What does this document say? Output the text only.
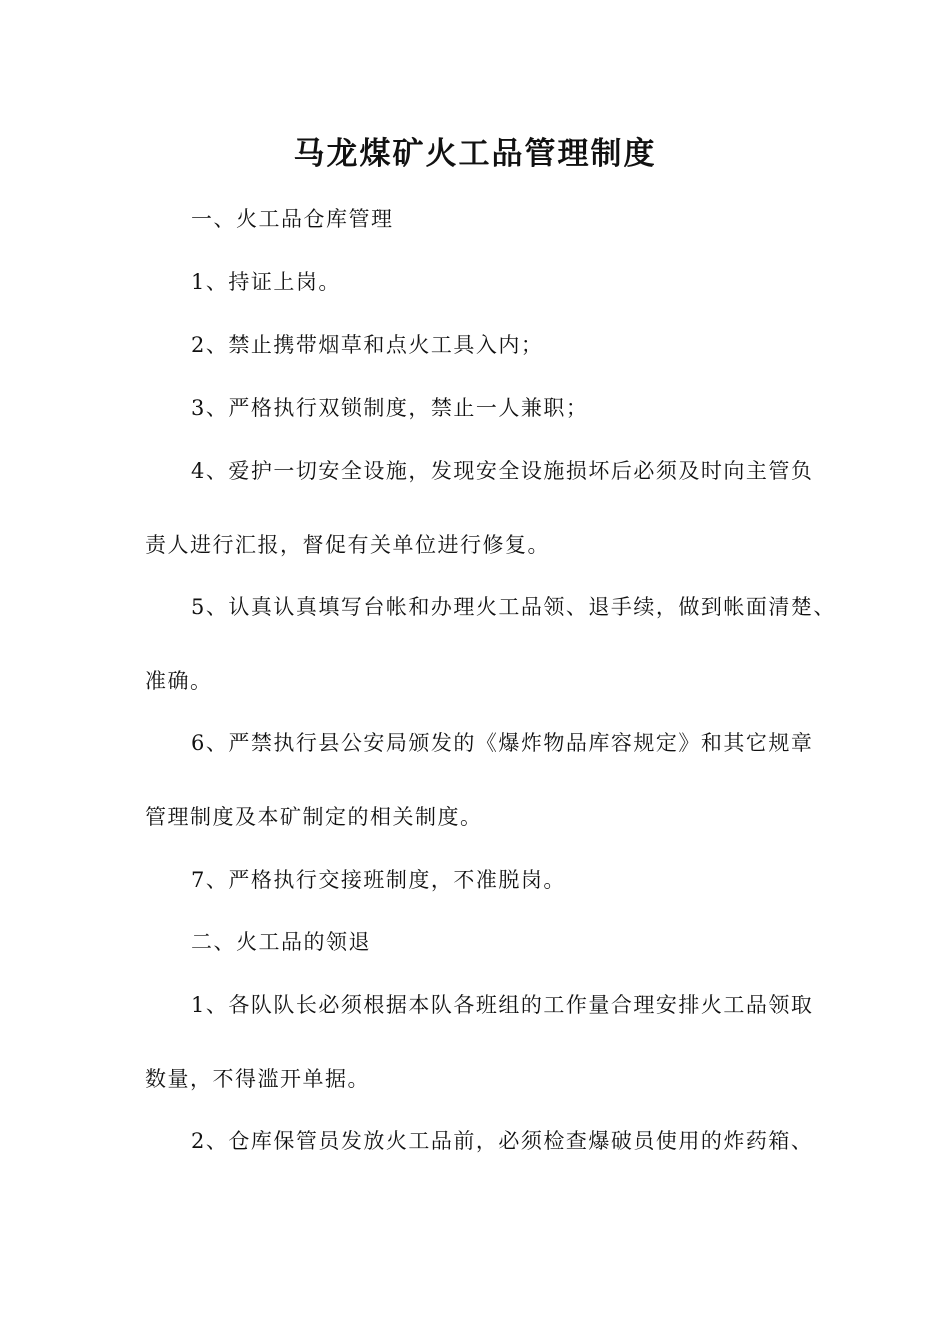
马龙煤矿火工品管理制度
一、火工品仓库管理
1、持证上岗。
2、禁止携带烟草和点火工具入内；
3、严格执行双锁制度，禁止一人兼职；
4、爱护一切安全设施，发现安全设施损坏后必须及时向主管负
责人进行汇报，督促有关单位进行修复。
5、认真认真填写台帐和办理火工品领、退手续，做到帐面清楚、
准确。
6、严禁执行县公安局颁发的《爆炸物品库容规定》和其它规章
管理制度及本矿制定的相关制度。
7、严格执行交接班制度，不准脱岗。
二、火工品的领退
1、各队队长必须根据本队各班组的工作量合理安排火工品领取
数量，不得滥开单据。
2、仓库保管员发放火工品前，必须检查爆破员使用的炸药箱、
